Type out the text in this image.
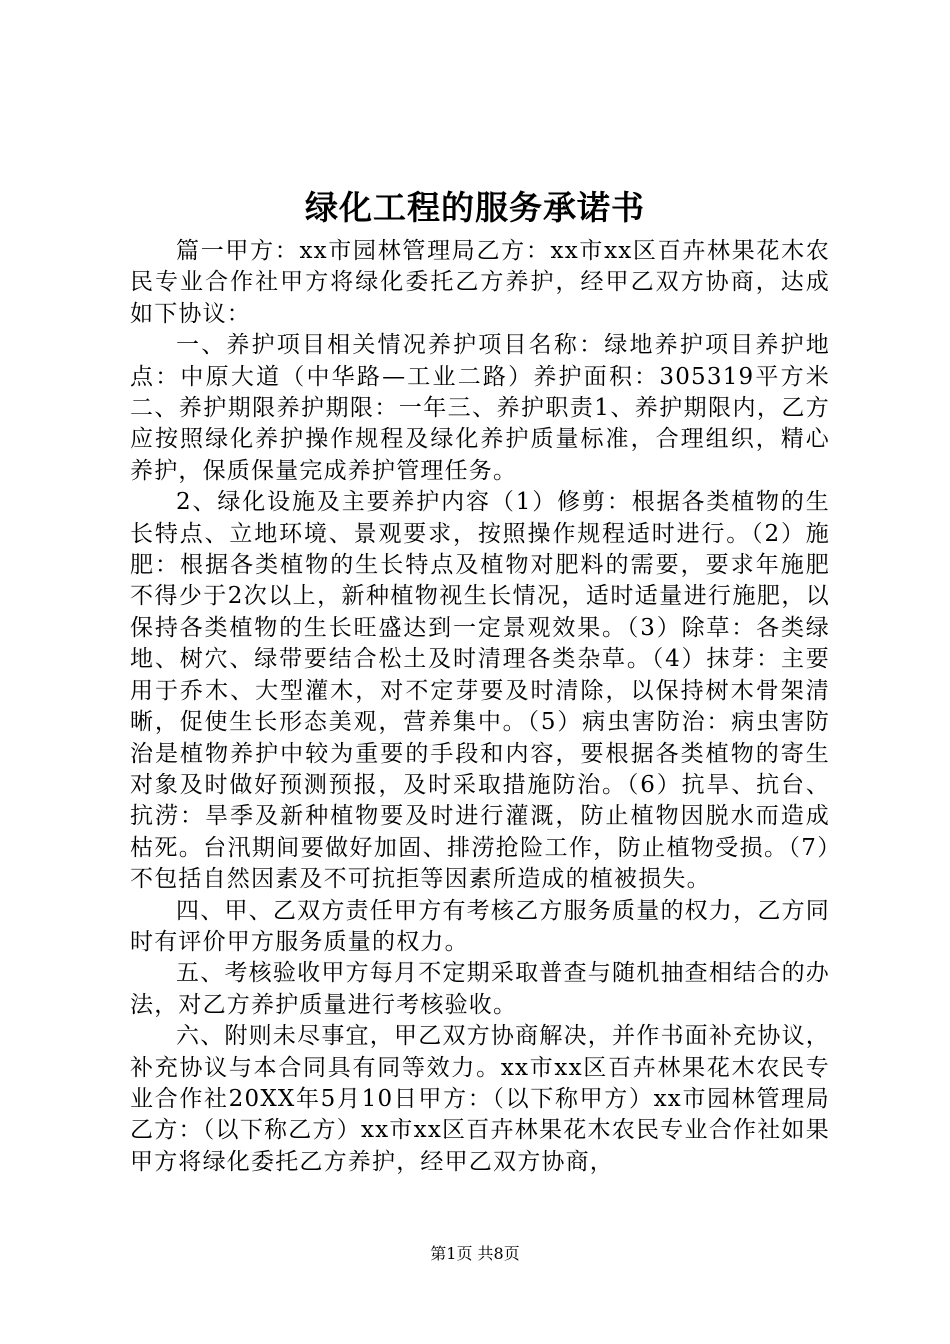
绿化工程的服务承诺书

篇一甲方：xx市园林管理局乙方：xx市xx区百卉林果花木农民专业合作社甲方将绿化委托乙方养护，经甲乙双方协商，达成如下协议：

一、养护项目相关情况养护项目名称：绿地养护项目养护地点：中原大道（中华路—工业二路）养护面积：305319平方米二、养护期限养护期限：一年三、养护职责1、养护期限内，乙方应按照绿化养护操作规程及绿化养护质量标准，合理组织，精心养护，保质保量完成养护管理任务。

2、绿化设施及主要养护内容（1）修剪：根据各类植物的生长特点、立地环境、景观要求，按照操作规程适时进行。（2）施肥：根据各类植物的生长特点及植物对肥料的需要，要求年施肥不得少于2次以上，新种植物视生长情况，适时适量进行施肥，以保持各类植物的生长旺盛达到一定景观效果。（3）除草：各类绿地、树穴、绿带要结合松土及时清理各类杂草。（4）抹芽：主要用于乔木、大型灌木，对不定芽要及时清除，以保持树木骨架清晰，促使生长形态美观，营养集中。（5）病虫害防治：病虫害防治是植物养护中较为重要的手段和内容，要根据各类植物的寄生对象及时做好预测预报，及时采取措施防治。（6）抗旱、抗台、抗涝：旱季及新种植物要及时进行灌溉，防止植物因脱水而造成枯死。台汛期间要做好加固、排涝抢险工作，防止植物受损。（7）不包括自然因素及不可抗拒等因素所造成的植被损失。

四、甲、乙双方责任甲方有考核乙方服务质量的权力，乙方同时有评价甲方服务质量的权力。

五、考核验收甲方每月不定期采取普查与随机抽查相结合的办法，对乙方养护质量进行考核验收。

六、附则未尽事宜，甲乙双方协商解决，并作书面补充协议，补充协议与本合同具有同等效力。xx市xx区百卉林果花木农民专业合作社20XX年5月10日甲方：（以下称甲方）xx市园林管理局乙方：（以下称乙方）xx市xx区百卉林果花木农民专业合作社如果甲方将绿化委托乙方养护，经甲乙双方协商，

第1页 共8页
